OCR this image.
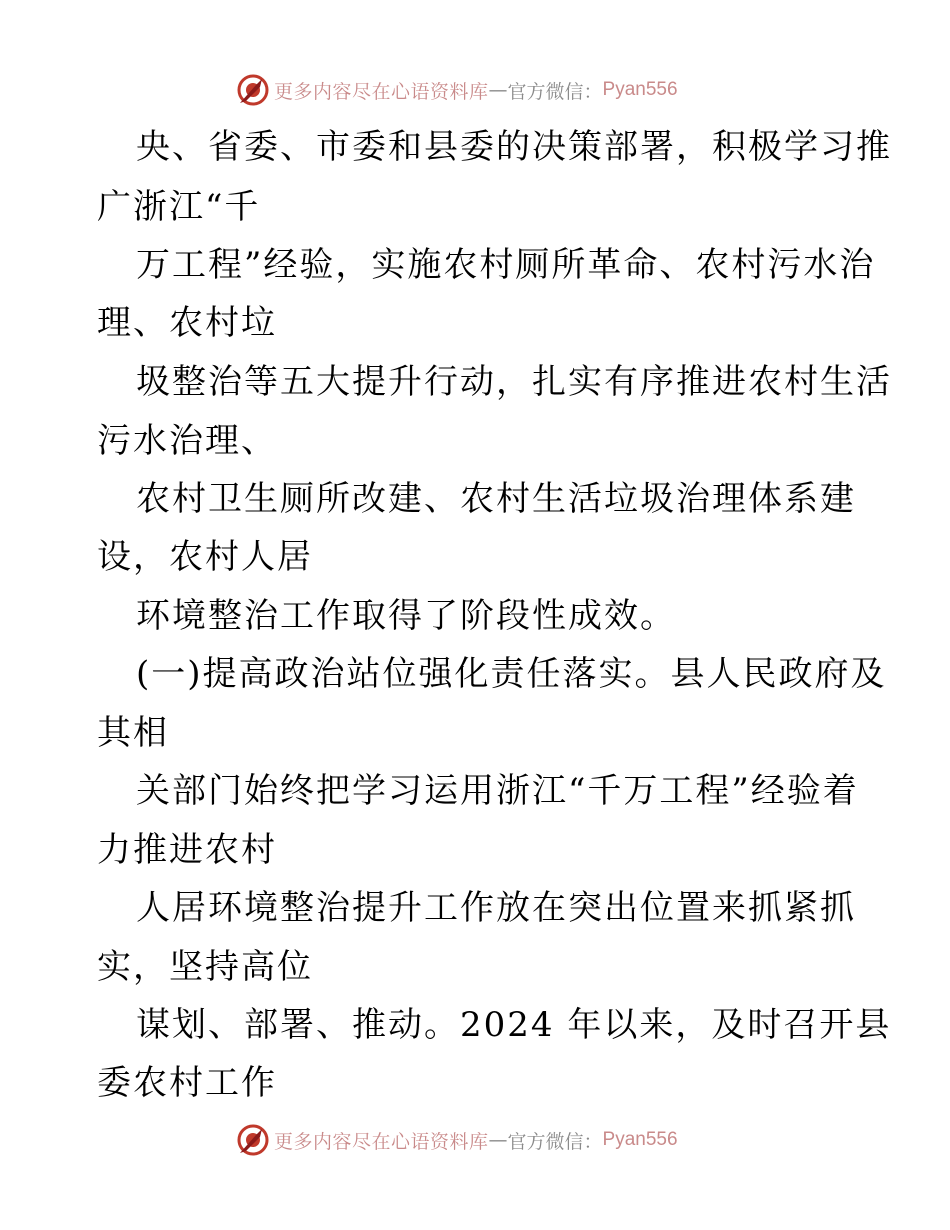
更多内容尽在心语资料库 — 官方微信： Pyan556
央、省委、市委和县委的决策部署，积极学习推
广浙江“千
万工程”经验，实施农村厕所革命、农村污水治
理、农村垃
圾整治等五大提升行动，扎实有序推进农村生活
污水治理、
农村卫生厕所改建、农村生活垃圾治理体系建
设，农村人居
环境整治工作取得了阶段性成效。
(一)提高政治站位强化责任落实。县人民政府及
其相
关部门始终把学习运用浙江“千万工程”经验着
力推进农村
人居环境整治提升工作放在突出位置来抓紧抓
实，坚持高位
谋划、部署、推动。2024 年以来，及时召开县
委农村工作
更多内容尽在心语资料库 — 官方微信： Pyan556
